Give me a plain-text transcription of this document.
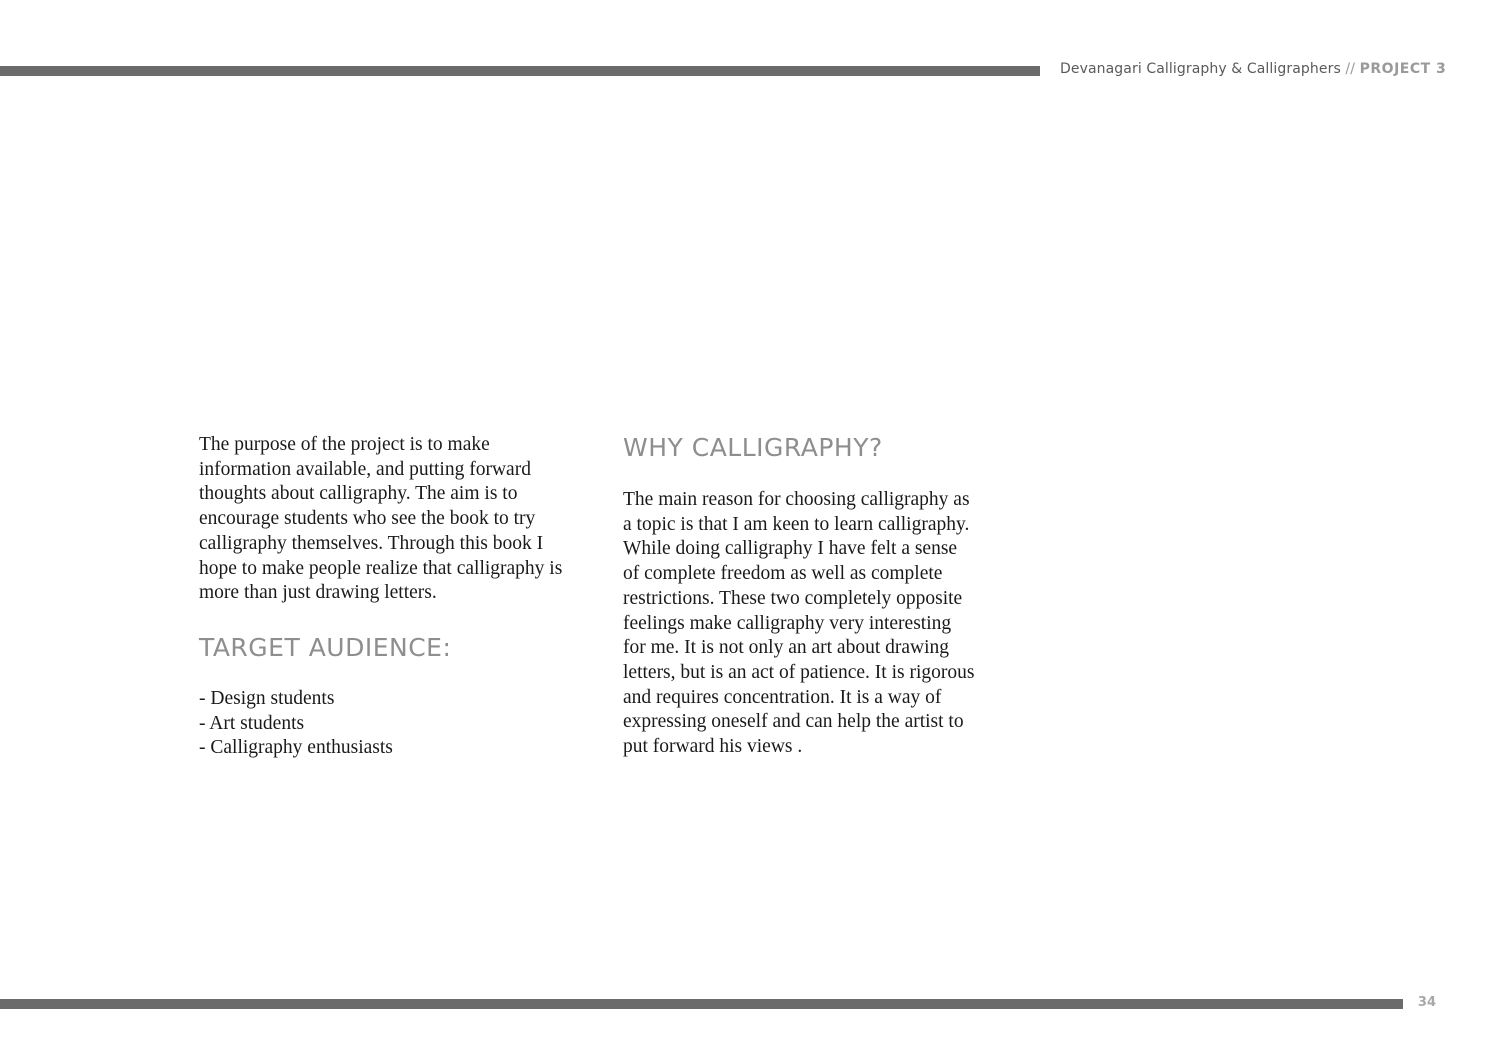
Devanagari Calligraphy & Calligraphers // PROJECT 3

The purpose of the project is to make
information available, and putting forward
thoughts about calligraphy. The aim is to
encourage students who see the book to try
calligraphy themselves. Through this book I
hope to make people realize that calligraphy is
more than just drawing letters.

TARGET AUDIENCE:
- Design students
- Art students
- Calligraphy enthusiasts
WHY CALLIGRAPHY?

The main reason for choosing calligraphy as
a topic is that I am keen to learn calligraphy.
While doing calligraphy I have felt a sense
of complete freedom as well as complete
restrictions. These two completely opposite
feelings make calligraphy very interesting
for me. It is not only an art about drawing
letters, but is an act of patience. It is rigorous
and requires concentration. It is a way of
expressing oneself and can help the artist to
put forward his views .

34
